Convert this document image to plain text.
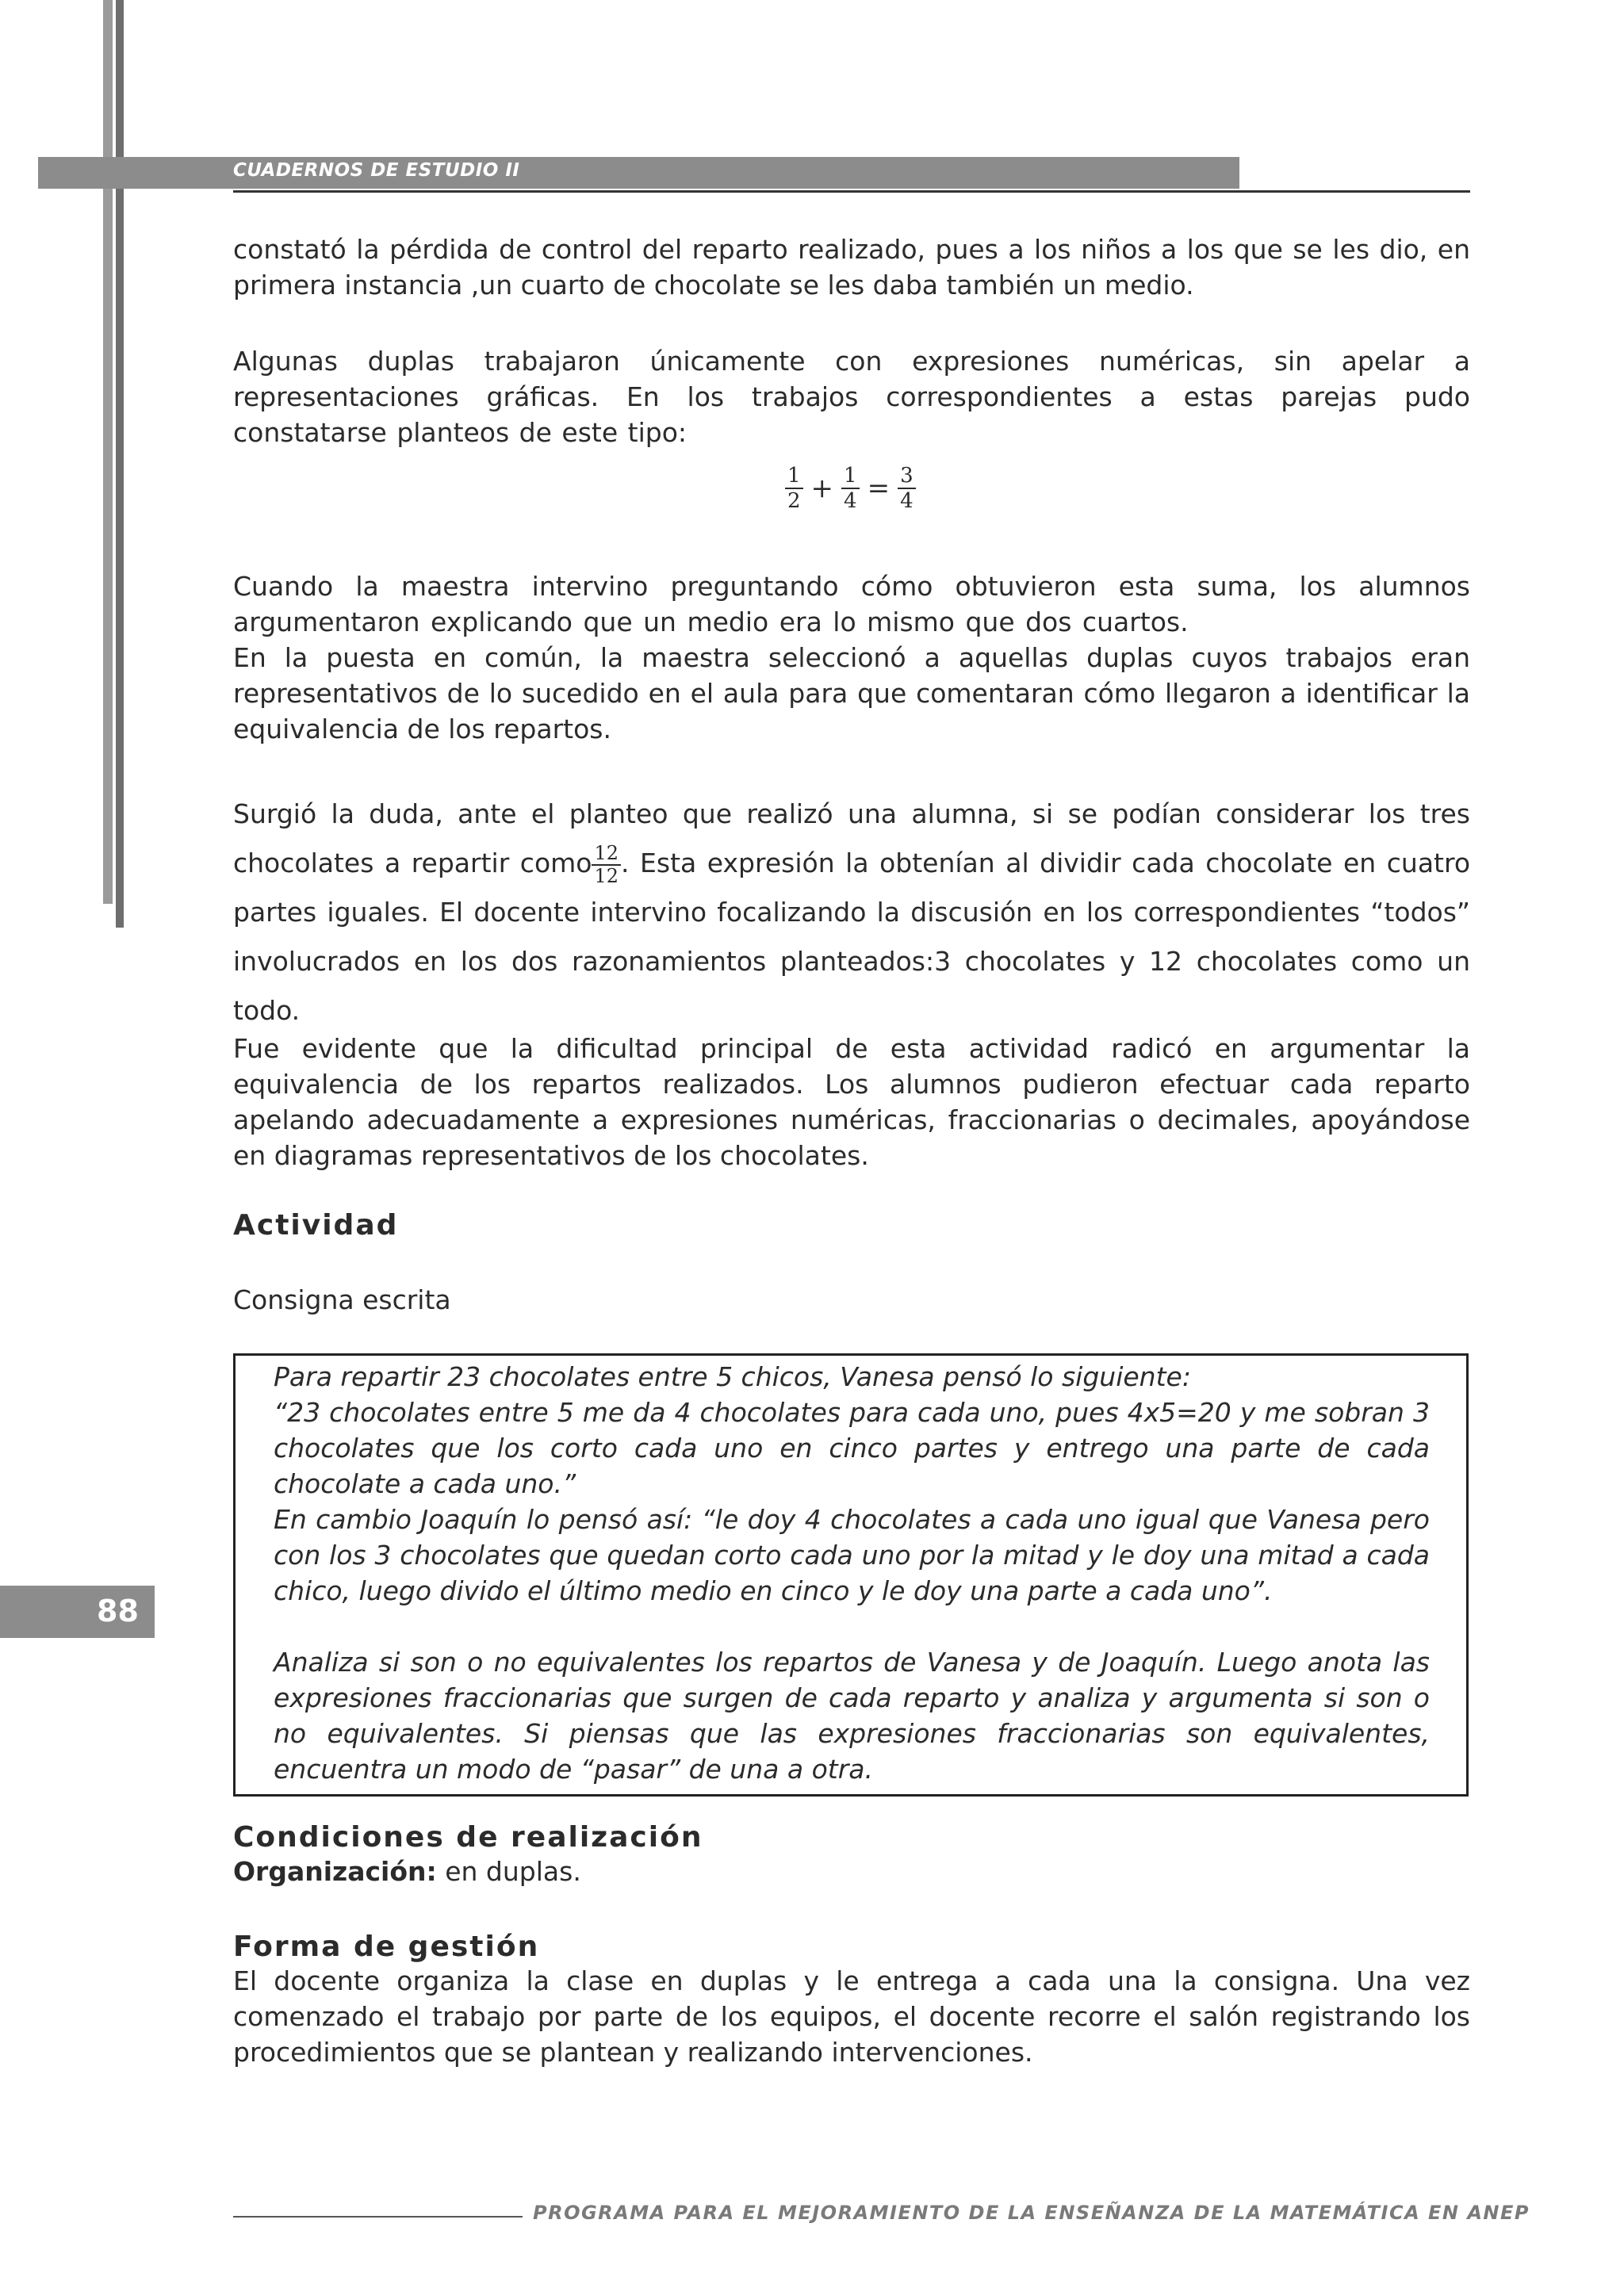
CUADERNOS DE ESTUDIO II

constató la pérdida de control del reparto realizado, pues a los niños a los que se les dio, en primera instancia ,un cuarto de chocolate se les daba también un medio.

Algunas duplas trabajaron únicamente con expresiones numéricas, sin apelar a representaciones gráficas. En los trabajos correspondientes a estas parejas pudo constatarse planteos de este tipo:

$\frac{1}{2} + \frac{1}{4} = \frac{3}{4}$

Cuando la maestra intervino preguntando cómo obtuvieron esta suma, los alumnos argumentaron explicando que un medio era lo mismo que dos cuartos.

En la puesta en común, la maestra seleccionó a aquellas duplas cuyos trabajos eran representativos de lo sucedido en el aula para que comentaran cómo llegaron a identificar la equivalencia de los repartos.

Surgió la duda, ante el planteo que realizó una alumna, si se podían considerar los tres chocolates a repartir como $\frac{12}{12}$ . Esta expresión la obtenían al dividir cada chocolate en cuatro partes iguales. El docente intervino focalizando la discusión en los correspondientes “todos” involucrados en los dos razonamientos planteados:3 chocolates y 12 chocolates como un todo.

Fue evidente que la dificultad principal de esta actividad radicó en argumentar la equivalencia de los repartos realizados. Los alumnos pudieron efectuar cada reparto apelando adecuadamente a expresiones numéricas, fraccionarias o decimales, apoyándose en diagramas representativos de los chocolates.

Actividad

Consigna escrita

Para repartir 23 chocolates entre 5 chicos, Vanesa pensó lo siguiente:

“23 chocolates entre 5 me da 4 chocolates para cada uno, pues 4x5=20 y me sobran 3 chocolates que los corto cada uno en cinco partes y entrego una parte de cada chocolate a cada uno.”

En cambio Joaquín lo pensó así: “le doy 4 chocolates a cada uno igual que Vanesa pero con los 3 chocolates que quedan corto cada uno por la mitad y le doy una mitad a cada chico, luego divido el último medio en cinco y le doy una parte a cada uno”.

Analiza si son o no equivalentes los repartos de Vanesa y de Joaquín. Luego anota las expresiones fraccionarias que surgen de cada reparto y analiza y argumenta si son o no equivalentes. Si piensas que las expresiones fraccionarias son equivalentes, encuentra un modo de “pasar” de una a otra.

88

Condiciones de realización

Organización: en duplas.

Forma de gestión

El docente organiza la clase en duplas y le entrega a cada una la consigna. Una vez comenzado el trabajo por parte de los equipos, el docente recorre el salón registrando los procedimientos que se plantean y realizando intervenciones.

PROGRAMA PARA EL MEJORAMIENTO DE LA ENSEÑANZA DE LA MATEMÁTICA EN ANEP
